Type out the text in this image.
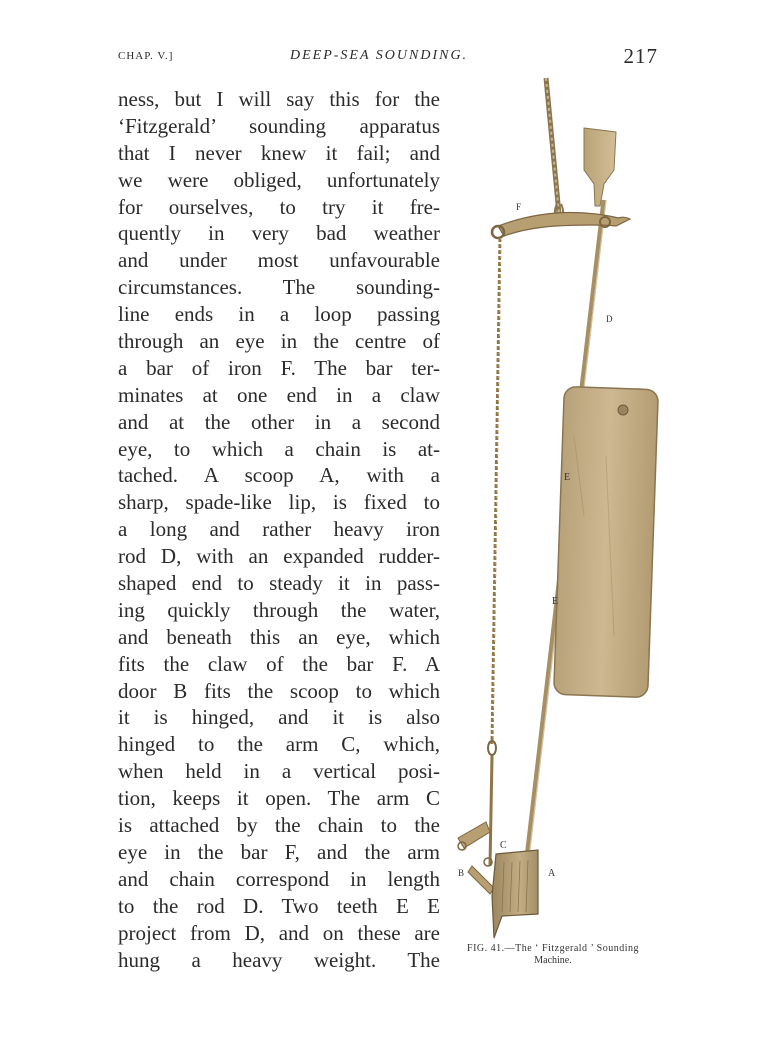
CHAP. V.]	DEEP-SEA SOUNDING.	217
ness, but I will say this for the
‘Fitzgerald’ sounding apparatus
that I never knew it fail; and
we were obliged, unfortunately
for ourselves, to try it fre-
quently in very bad weather
and under most unfavourable
circumstances. The sounding-
line ends in a loop passing
through an eye in the centre of
a bar of iron F. The bar ter-
minates at one end in a claw
and at the other in a second
eye, to which a chain is at-
tached. A scoop A, with a
sharp, spade-like lip, is fixed to
a long and rather heavy iron
rod D, with an expanded rudder-
shaped end to steady it in pass-
ing quickly through the water,
and beneath this an eye, which
fits the claw of the bar F. A
door B fits the scoop to which
it is hinged, and it is also
hinged to the arm C, which,
when held in a vertical posi-
tion, keeps it open. The arm C
is attached by the chain to the
eye in the bar F, and the arm
and chain correspond in length
to the rod D. Two teeth E E
project from D, and on these are
hung a heavy weight. The
F
D
E
E
C
B	A
FIG. 41.—The ‘ Fitzgerald ’ Sounding
Machine.
